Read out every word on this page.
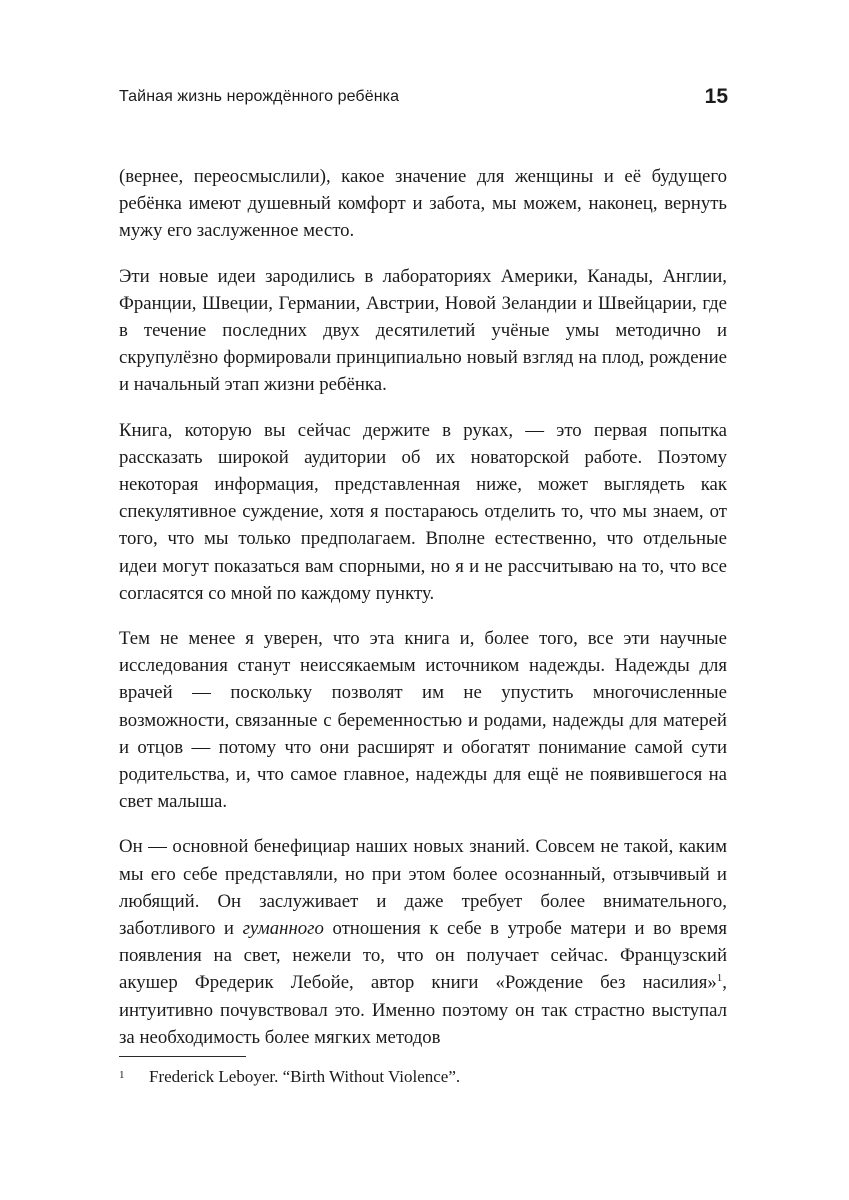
Тайная жизнь нерождённого ребёнка	15

(вернее, переосмыслили), какое значение для женщины и её будущего ребёнка имеют душевный комфорт и забота, мы можем, наконец, вернуть мужу его заслуженное место.

Эти новые идеи зародились в лабораториях Америки, Канады, Англии, Франции, Швеции, Германии, Австрии, Новой Зеландии и Швейцарии, где в течение последних двух десятилетий учёные умы методично и скрупулёзно формировали принципиально новый взгляд на плод, рождение и начальный этап жизни ребёнка.

Книга, которую вы сейчас держите в руках, — это первая попытка рассказать широкой аудитории об их новаторской работе. Поэтому некоторая информация, представленная ниже, может выглядеть как спекулятивное суждение, хотя я постараюсь отделить то, что мы знаем, от того, что мы только предполагаем. Вполне естественно, что отдельные идеи могут показаться вам спорными, но я и не рассчитываю на то, что все согласятся со мной по каждому пункту.

Тем не менее я уверен, что эта книга и, более того, все эти научные исследования станут неиссякаемым источником надежды. Надежды для врачей — поскольку позволят им не упустить многочисленные возможности, связанные с беременностью и родами, надежды для матерей и отцов — потому что они расширят и обогатят понимание самой сути родительства, и, что самое главное, надежды для ещё не появившегося на свет малыша.

Он — основной бенефициар наших новых знаний. Совсем не такой, каким мы его себе представляли, но при этом более осознанный, отзывчивый и любящий. Он заслуживает и даже требует более внимательного, заботливого и гуманного отношения к себе в утробе матери и во время появления на свет, нежели то, что он получает сейчас. Французский акушер Фредерик Лебойе, автор книги «Рождение без насилия»$^1$, интуитивно почувствовал это. Именно поэтому он так страстно выступал за необходимость более мягких методов

1 Frederick Leboyer. “Birth Without Violence”.
